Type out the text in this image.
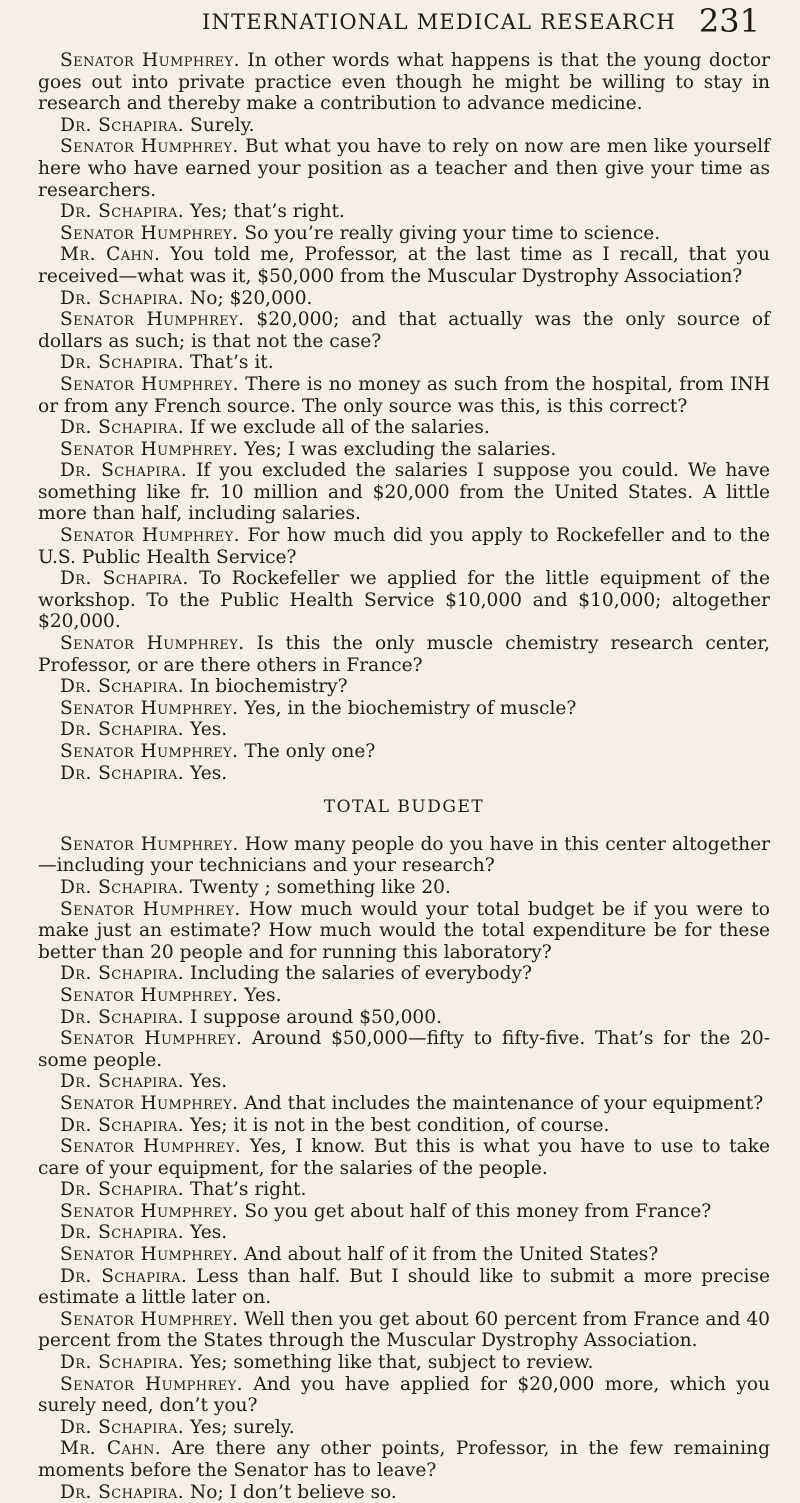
INTERNATIONAL MEDICAL RESEARCH 231

Senator Humphrey. In other words what happens is that the young doctor goes out into private practice even though he might be willing to stay in research and thereby make a contribution to advance medicine.

Dr. Schapira. Surely.

Senator Humphrey. But what you have to rely on now are men like yourself here who have earned your position as a teacher and then give your time as researchers.

Dr. Schapira. Yes; that’s right.

Senator Humphrey. So you’re really giving your time to science.

Mr. Cahn. You told me, Professor, at the last time as I recall, that you received—what was it, $50,000 from the Muscular Dystrophy Association?

Dr. Schapira. No; $20,000.

Senator Humphrey. $20,000; and that actually was the only source of dollars as such; is that not the case?

Dr. Schapira. That’s it.

Senator Humphrey. There is no money as such from the hospital, from INH or from any French source. The only source was this, is this correct?

Dr. Schapira. If we exclude all of the salaries.

Senator Humphrey. Yes; I was excluding the salaries.

Dr. Schapira. If you excluded the salaries I suppose you could. We have something like fr. 10 million and $20,000 from the United States. A little more than half, including salaries.

Senator Humphrey. For how much did you apply to Rockefeller and to the U.S. Public Health Service?

Dr. Schapira. To Rockefeller we applied for the little equipment of the workshop. To the Public Health Service $10,000 and $10,000; altogether $20,000.

Senator Humphrey. Is this the only muscle chemistry research center, Professor, or are there others in France?

Dr. Schapira. In biochemistry?

Senator Humphrey. Yes, in the biochemistry of muscle?

Dr. Schapira. Yes.

Senator Humphrey. The only one?

Dr. Schapira. Yes.

TOTAL BUDGET

Senator Humphrey. How many people do you have in this center altogether—including your technicians and your research?

Dr. Schapira. Twenty ; something like 20.

Senator Humphrey. How much would your total budget be if you were to make just an estimate? How much would the total expenditure be for these better than 20 people and for running this laboratory?

Dr. Schapira. Including the salaries of everybody?

Senator Humphrey. Yes.

Dr. Schapira. I suppose around $50,000.

Senator Humphrey. Around $50,000—fifty to fifty-five. That’s for the 20-some people.

Dr. Schapira. Yes.

Senator Humphrey. And that includes the maintenance of your equipment?

Dr. Schapira. Yes; it is not in the best condition, of course.

Senator Humphrey. Yes, I know. But this is what you have to use to take care of your equipment, for the salaries of the people.

Dr. Schapira. That’s right.

Senator Humphrey. So you get about half of this money from France?

Dr. Schapira. Yes.

Senator Humphrey. And about half of it from the United States?

Dr. Schapira. Less than half. But I should like to submit a more precise estimate a little later on.

Senator Humphrey. Well then you get about 60 percent from France and 40 percent from the States through the Muscular Dystrophy Association.

Dr. Schapira. Yes; something like that, subject to review.

Senator Humphrey. And you have applied for $20,000 more, which you surely need, don’t you?

Dr. Schapira. Yes; surely.

Mr. Cahn. Are there any other points, Professor, in the few remaining moments before the Senator has to leave?

Dr. Schapira. No; I don’t believe so.
